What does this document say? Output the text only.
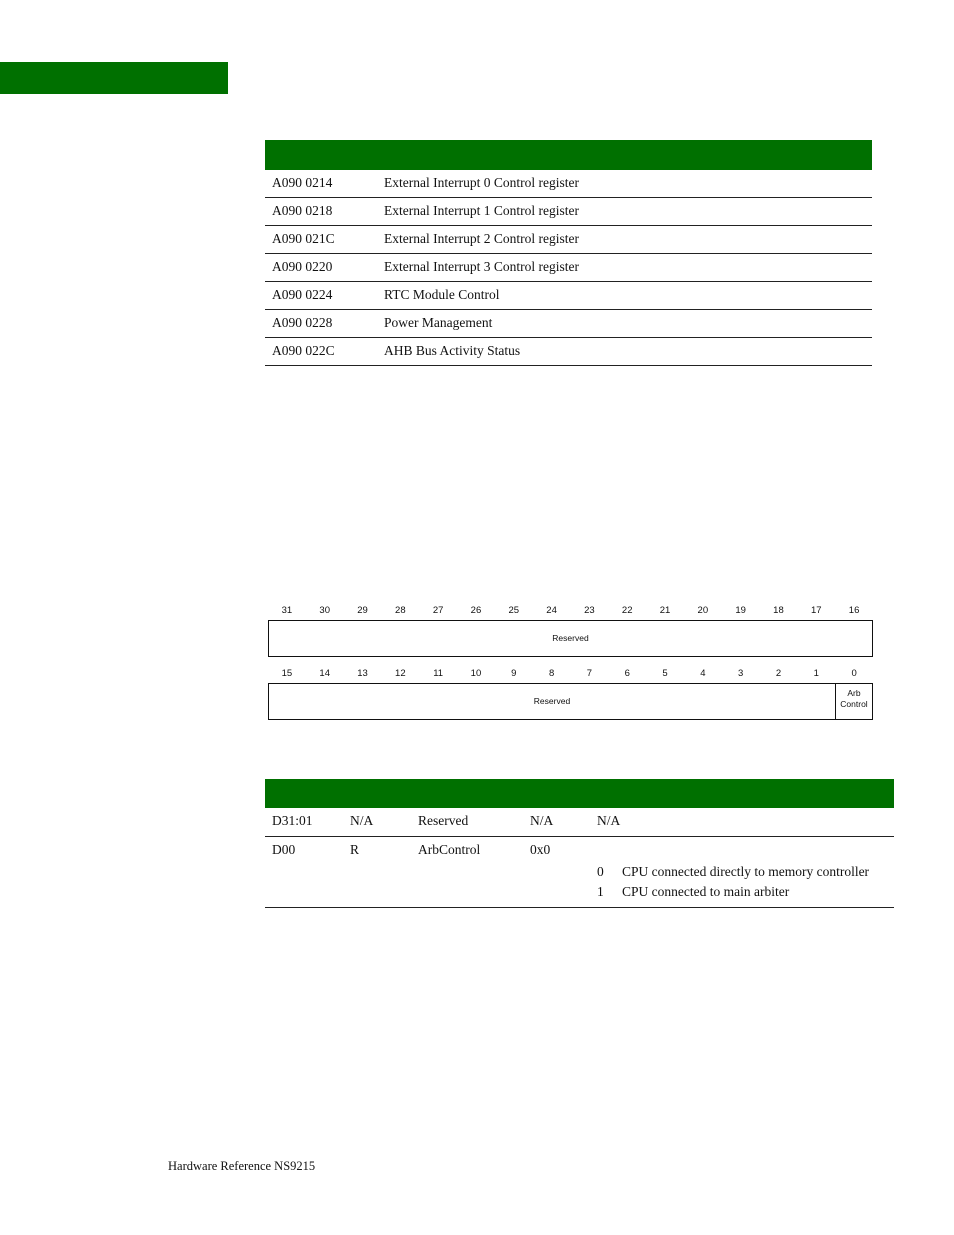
A090 0214	External Interrupt 0 Control register
A090 0218	External Interrupt 1 Control register
A090 021C	External Interrupt 2 Control register
A090 0220	External Interrupt 3 Control register
A090 0224	RTC Module Control
A090 0228	Power Management
A090 022C	AHB Bus Activity Status
31	30	29	28	27	26	25	24	23	22	21	20	19	18	17	16
Reserved
15	14	13	12	11	10	9	8	7	6	5	4	3	2	1	0
Reserved
Arb
Control
D31:01	N/A	Reserved	N/A	N/A
D00	R	ArbControl	0x0
0 CPU connected directly to memory controller
1 CPU connected to main arbiter
Hardware Reference NS9215
